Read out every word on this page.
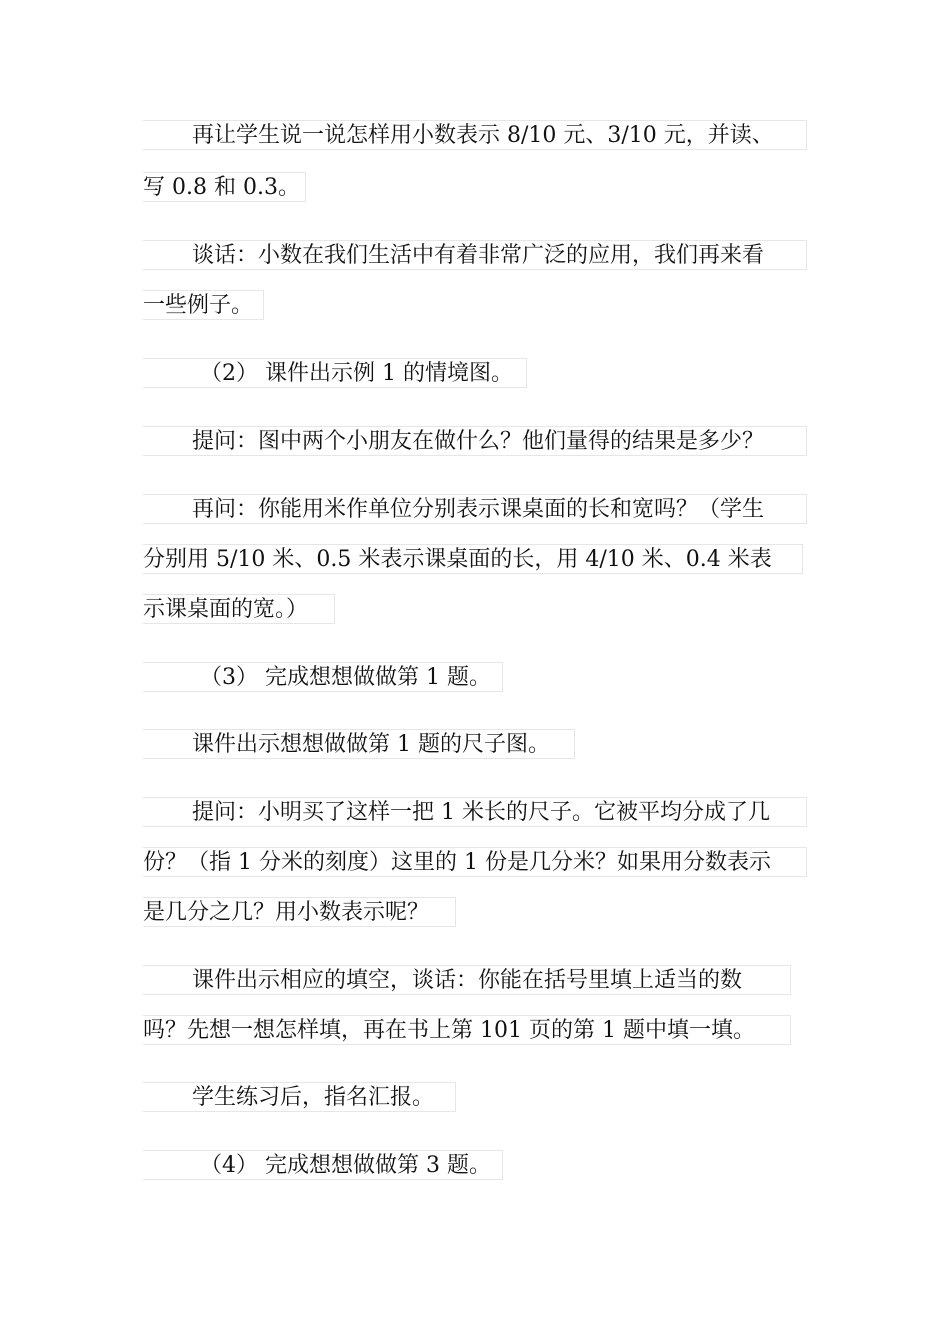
再让学生说一说怎样用小数表示 8/10 元、3/10 元，并读、
写 0.8 和 0.3。
谈话：小数在我们生活中有着非常广泛的应用，我们再来看
一些例子。
（2） 课件出示例 1 的情境图。
提问：图中两个小朋友在做什么？他们量得的结果是多少？
再问：你能用米作单位分别表示课桌面的长和宽吗？（学生
分别用 5/10 米、0.5 米表示课桌面的长，用 4/10 米、0.4 米表
示课桌面的宽。）
（3） 完成想想做做第 1 题。
课件出示想想做做第 1 题的尺子图。
提问：小明买了这样一把 1 米长的尺子。它被平均分成了几
份？（指 1 分米的刻度）这里的 1 份是几分米？如果用分数表示
是几分之几？用小数表示呢？
课件出示相应的填空，谈话：你能在括号里填上适当的数
吗？先想一想怎样填，再在书上第 101 页的第 1 题中填一填。
学生练习后，指名汇报。
（4） 完成想想做做第 3 题。
